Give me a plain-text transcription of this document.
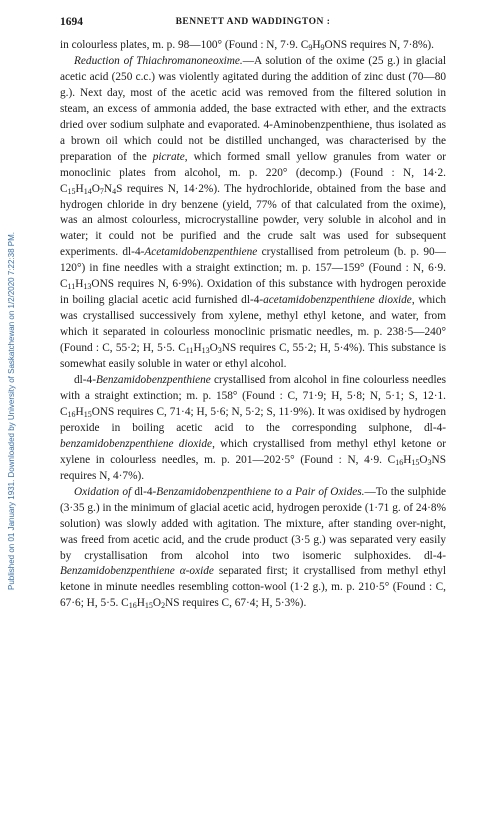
Published on 01 January 1931. Downloaded by University of Saskatchewan on 1/2/2020 7:22:38 PM.
1694	BENNETT AND WADDINGTON :

in colourless plates, m. p. 98—100° (Found : N, 7·9. $C_9H_9ONS$ requires N, 7·8%).

Reduction of Thiachromanoneoxime.—A solution of the oxime (25 g.) in glacial acetic acid (250 c.c.) was violently agitated during the addition of zinc dust (70—80 g.). Next day, most of the acetic acid was removed from the filtered solution in steam, an excess of ammonia added, the base extracted with ether, and the extracts dried over sodium sulphate and evaporated. 4-Aminobenzpenthiene, thus isolated as a brown oil which could not be distilled unchanged, was characterised by the preparation of the picrate, which formed small yellow granules from water or monoclinic plates from alcohol, m. p. 220° (decomp.) (Found : N, 14·2. $C_{15}H_{14}O_7N_4S$ requires N, 14·2%). The hydrochloride, obtained from the base and hydrogen chloride in dry benzene (yield, 77% of that calculated from the oxime), was an almost colourless, microcrystalline powder, very soluble in alcohol and in water; it could not be purified and the crude salt was used for subsequent experiments. dl-4-Acetamidobenzpenthiene crystallised from petroleum (b. p. 90—120°) in fine needles with a straight extinction; m. p. 157—159° (Found : N, 6·9. $C_{11}H_{13}ONS$ requires N, 6·9%). Oxidation of this substance with hydrogen peroxide in boiling glacial acetic acid furnished dl-4-acetamidobenzpenthiene dioxide, which was crystallised successively from xylene, methyl ethyl ketone, and water, from which it separated in colourless monoclinic prismatic needles, m. p. 238·5—240° (Found : C, 55·2; H, 5·5. $C_{11}H_{13}O_3NS$ requires C, 55·2; H, 5·4%). This substance is somewhat easily soluble in water or ethyl alcohol.

dl-4-Benzamidobenzpenthiene crystallised from alcohol in fine colourless needles with a straight extinction; m. p. 158° (Found : C, 71·9; H, 5·8; N, 5·1; S, 12·1. $C_{16}H_{15}ONS$ requires C, 71·4; H, 5·6; N, 5·2; S, 11·9%). It was oxidised by hydrogen peroxide in boiling acetic acid to the corresponding sulphone, dl-4-benzamidobenzpenthiene dioxide, which crystallised from methyl ethyl ketone or xylene in colourless needles, m. p. 201—202·5° (Found : N, 4·9. $C_{16}H_{15}O_3NS$ requires N, 4·7%).

Oxidation of dl-4-Benzamidobenzpenthiene to a Pair of Oxides.—To the sulphide (3·35 g.) in the minimum of glacial acetic acid, hydrogen peroxide (1·71 g. of 24·8% solution) was slowly added with agitation. The mixture, after standing over-night, was freed from acetic acid, and the crude product (3·5 g.) was separated very easily by crystallisation from alcohol into two isomeric sulphoxides. dl-4-Benzamidobenzpenthiene α-oxide separated first; it crystallised from methyl ethyl ketone in minute needles resembling cotton-wool (1·2 g.), m. p. 210·5° (Found : C, 67·6; H, 5·5. $C_{16}H_{15}O_2NS$ requires C, 67·4; H, 5·3%).
